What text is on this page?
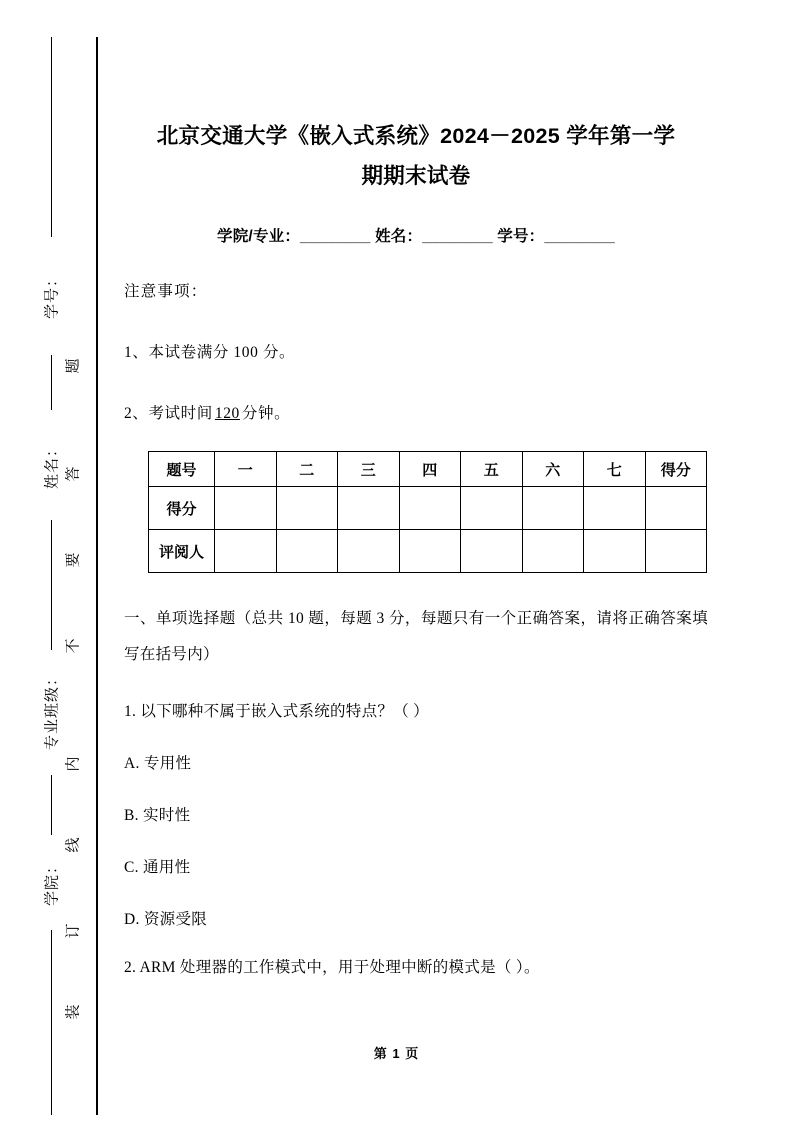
学号：
姓名：
专业班级：
学院：
题
答
要
不
内
线
订
装
北京交通大学《嵌入式系统》2024－2025 学年第一学
期期末试卷

学院/专业：________ 姓名：________ 学号：________

注意事项：

1、本试卷满分 100 分。

2、考试时间 120 分钟。

题号	一	二	三	四	五	六	七	得分
得分								
评阅人								

一、单项选择题（总共 10 题，每题 3 分，每题只有一个正确答案，请将正确答案填写在括号内）

1. 以下哪种不属于嵌入式系统的特点？（ ）

A. 专用性

B. 实时性

C. 通用性

D. 资源受限

2. ARM 处理器的工作模式中，用于处理中断的模式是（ ）。

第 1 页
